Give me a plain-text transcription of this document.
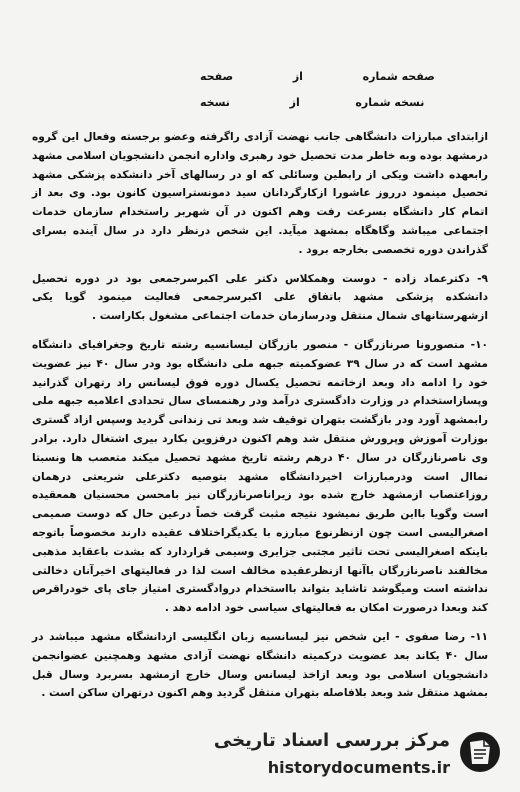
صفحه شماره  از  صفحه
نسخه شماره  از  نسخه

ازابتدای مبارزات دانشگاهی جانب نهضت آزادی راگرفته وعضو برجسته وفعال این گروه درمشهد بوده وبه خاطر مدت تحصیل خود رهبری واداره انجمن دانشجویان اسلامی مشهد رابعهده داشت ویکی از رابطین وسائلی که او در رسالهای آخر دانشکده پزشکی مشهد تحصیل مینمود درروز عاشورا ازکارگردانان سید دمونستراسیون کانون بود. وی بعد از اتمام کار دانشگاه بسرعت رفت وهم اکنون در آن شهربر راستخدام سازمان خدمات اجتماعی میباشد وگاهگاه بمشهد میآید. این شخص درنظر دارد در سال آینده بسرای گذراندن دوره تخصصی بخارجه برود .

۹- دکترعماد زاده - دوست وهمکلاس دکتر علی اکبرسرجمعی بود در دوره تحصیل دانشکده پزشکی مشهد باتفاق علی اکبرسرجمعی فعالیت مینمود گویا یکی ازشهرستانهای شمال منتقل ودرسازمان خدمات اجتماعی مشغول بکاراست .

۱۰- منصورونا صرنازرگان - منصور بازرگان لیسانسیه رشته تاریخ وجغرافیای دانشگاه مشهد است که در سال ۳۹ عضوکمیته جبهه ملی دانشگاه بود ودر سال ۴۰ نیز عضویت خود را ادامه داد وبعد ازخاتمه تحصیل یکسال دوره فوق لیسانس راد رتهران گذرانید وپسازاستخدام در وزارت دادگستری درآمد ودر رهنمسای سال تحدادی اعلامیه جبهه ملی رابمشهد آورد ودر بازگشت بتهران توقیف شد وبعد تی زندانی گردید وسپس ازاد گستری بوزارت آموزش وپرورش منتقل شد وهم اکنون درفزوین بکارد بیری اشتغال دارد. برادر وی ناصرنازرگان در سال ۴۰ درهم رشته تاریخ مشهد تحصیل میکند متعصب ها ونسبتا نماال است ودرمبارزات اخیردانشگاه مشهد بتوصیه دکترعلی شریعتی درهمان روزاعتصاب ازمشهد خارج شده بود زیراناصرنازرگان نیز بامحسن محسنیان همعقیده است وگویا بااین طریق نمیشود نتیجه مثبت گرفت خصاً درعین حال که دوست صمیمی اصغرالیسی است چون ازنظرنوع مبارزه با یکدیگراختلاف عقیده دارند مخصوصاً باتوجه باینکه اصغرالیسی تحت تاثیر مجتبی جزایری وسیمی قراردارد که بشدت باعقاید مذهبی مخالفند ناصرنازرگان باآنها ازنظرعقیده مخالف است لذا در فعالیتهای اخیرآنان دخالتی نداشته است وميگوشد تاشايد بتواند بااستخدام دروادگستری امتیاز جای پای خودراقرص کند وبعدا درصورت امکان به فعالیتهای سیاسی خود ادامه دهد .

۱۱- رضا صفوی - این شخص نیز لیسانسیه زبان انگلیسی ازدانشگاه مشهد میباشد در سال ۴۰ یکاند بعد عضویت درکمیته دانشگاه نهضت آزادی مشهد وهمچنین عضوانجمن دانشجویان اسلامی بود وبعد ازاخذ لیسانس وسال خارج ازمشهد بسربرد وسال قبل بمشهد منتقل شد وبعد بلافاصله بتهران منتقل گردید وهم اکنون درتهران ساکن است .

مرکز بررسی اسناد تاریخی
historydocuments.ir
